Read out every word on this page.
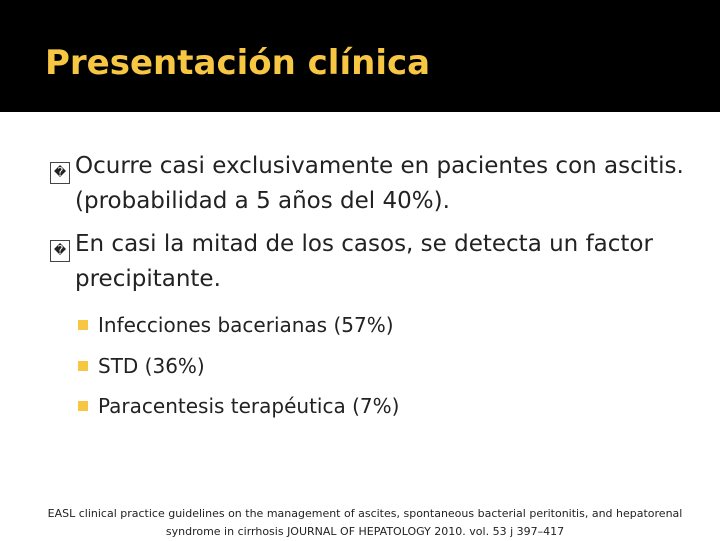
Presentación clínica
� Ocurre casi exclusivamente en pacientes con ascitis. (probabilidad a 5 años del 40%).
� En casi la mitad de los casos, se detecta un factor precipitante.
Infecciones bacerianas (57%)
STD (36%)
Paracentesis terapéutica (7%)
EASL clinical practice guidelines on the management of ascites, spontaneous bacterial peritonitis, and hepatorenal
syndrome in cirrhosis JOURNAL OF HEPATOLOGY 2010. vol. 53 j 397–417
